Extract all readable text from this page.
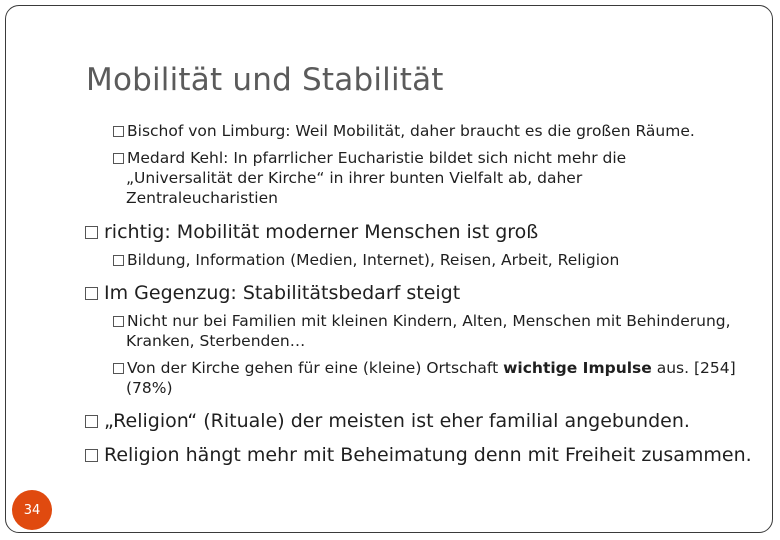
Mobilität und Stabilität
Bischof von Limburg: Weil Mobilität, daher braucht es die großen Räume.
Medard Kehl: In pfarrlicher Eucharistie bildet sich nicht mehr die
„Universalität der Kirche“ in ihrer bunten Vielfalt ab, daher
Zentraleucharistien
richtig: Mobilität moderner Menschen ist groß
Bildung, Information (Medien, Internet), Reisen, Arbeit, Religion
Im Gegenzug: Stabilitätsbedarf steigt
Nicht nur bei Familien mit kleinen Kindern, Alten, Menschen mit Behinderung,
Kranken, Sterbenden…
Von der Kirche gehen für eine (kleine) Ortschaft wichtige Impulse aus. [254]
(78%)
„Religion“ (Rituale) der meisten ist eher familial angebunden.
Religion hängt mehr mit Beheimatung denn mit Freiheit zusammen.
34
